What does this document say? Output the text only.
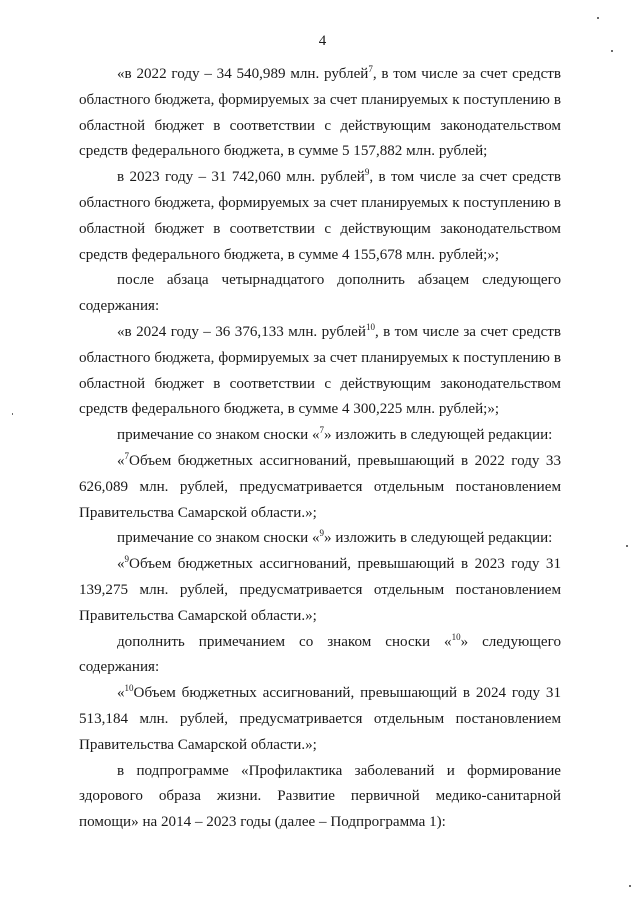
4

«в 2022 году – 34 540,989 млн. рублей$^7$, в том числе за счет средств областного бюджета, формируемых за счет планируемых к поступлению в областной бюджет в соответствии с действующим законодательством средств федерального бюджета, в сумме 5 157,882 млн. рублей;

в 2023 году – 31 742,060 млн. рублей$^9$, в том числе за счет средств областного бюджета, формируемых за счет планируемых к поступлению в областной бюджет в соответствии с действующим законодательством средств федерального бюджета, в сумме 4 155,678 млн. рублей;»;

после абзаца четырнадцатого дополнить абзацем следующего содержания:

«в 2024 году – 36 376,133 млн. рублей$^{10}$, в том числе за счет средств областного бюджета, формируемых за счет планируемых к поступлению в областной бюджет в соответствии с действующим законодательством средств федерального бюджета, в сумме 4 300,225 млн. рублей;»;

примечание со знаком сноски «$^7$» изложить в следующей редакции:

«$^7$Объем бюджетных ассигнований, превышающий в 2022 году 33 626,089 млн. рублей, предусматривается отдельным постановлением Правительства Самарской области.»;

примечание со знаком сноски «$^9$» изложить в следующей редакции:

«$^9$Объем бюджетных ассигнований, превышающий в 2023 году 31 139,275 млн. рублей, предусматривается отдельным постановлением Правительства Самарской области.»;

дополнить примечанием со знаком сноски «$^{10}$» следующего содержания:

«$^{10}$Объем бюджетных ассигнований, превышающий в 2024 году 31 513,184 млн. рублей, предусматривается отдельным постановлением Правительства Самарской области.»;

в подпрограмме «Профилактика заболеваний и формирование здорового образа жизни. Развитие первичной медико-санитарной помощи» на 2014 – 2023 годы (далее – Подпрограмма 1):
